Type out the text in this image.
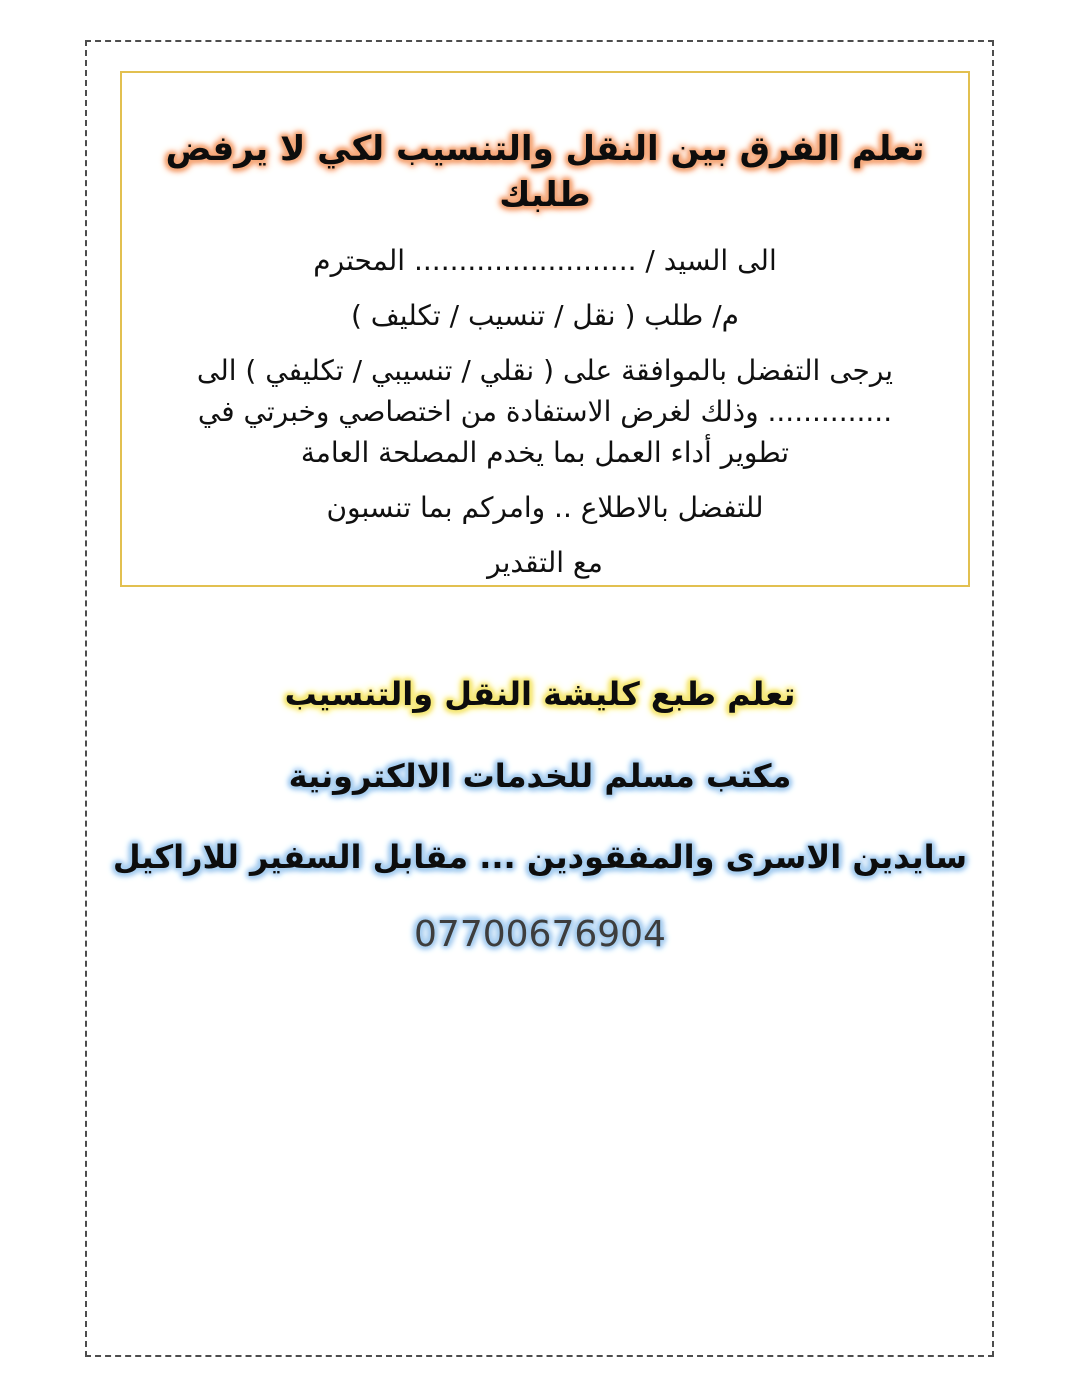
تعلم الفرق بين النقل والتنسيب لكي لا يرفض طلبك
الى السيد / ......................... المحترم
م/ طلب ( نقل / تنسيب / تكليف )
يرجى التفضل بالموافقة على ( نقلي / تنسيبي / تكليفي ) الى
.............. وذلك لغرض الاستفادة من اختصاصي وخبرتي في
تطوير أداء العمل بما يخدم المصلحة العامة
للتفضل بالاطلاع .. وامركم بما تنسبون
مع التقدير
تعلم طبع كليشة النقل والتنسيب
مكتب مسلم للخدمات الالكترونية
سايدين الاسرى والمفقودين ... مقابل السفير للاراكيل
07700676904
